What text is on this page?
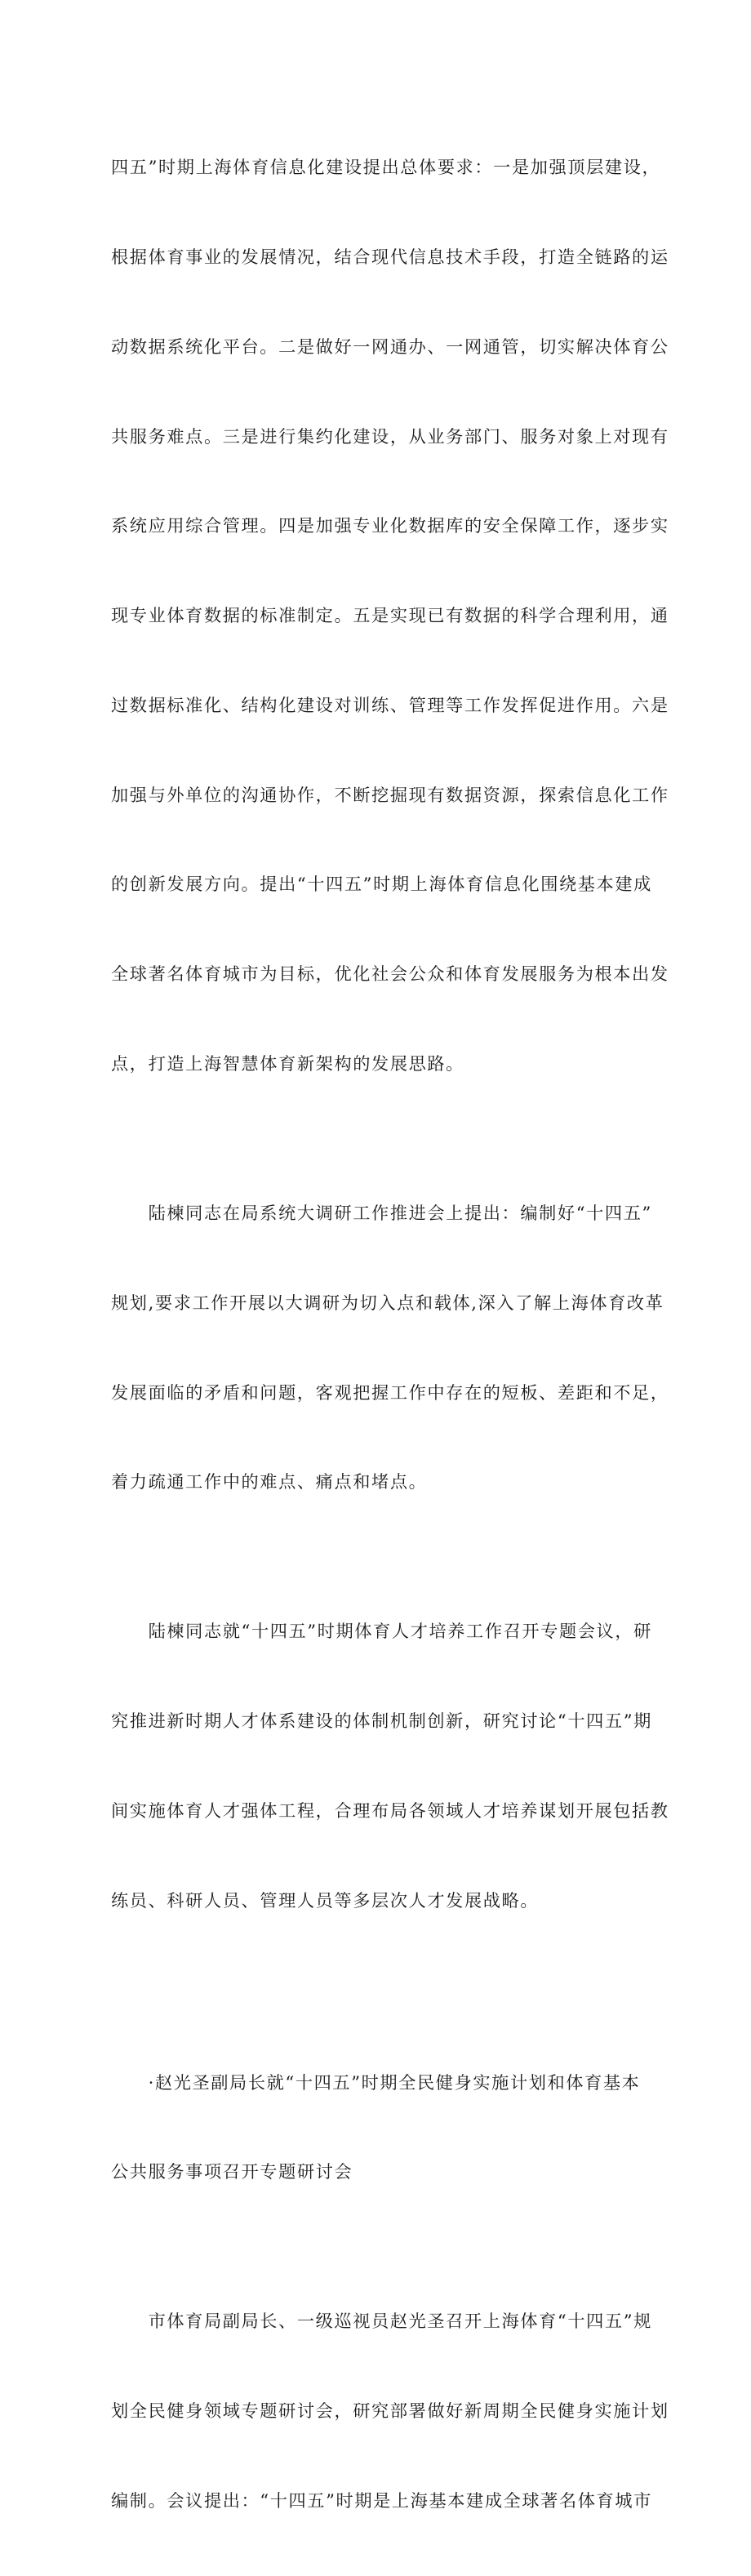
四五”时期上海体育信息化建设提出总体要求：一是加强顶层建设，

根据体育事业的发展情况，结合现代信息技术手段，打造全链路的运

动数据系统化平台。二是做好一网通办、一网通管，切实解决体育公

共服务难点。三是进行集约化建设，从业务部门、服务对象上对现有

系统应用综合管理。四是加强专业化数据库的安全保障工作，逐步实

现专业体育数据的标准制定。五是实现已有数据的科学合理利用，通

过数据标准化、结构化建设对训练、管理等工作发挥促进作用。六是

加强与外单位的沟通协作，不断挖掘现有数据资源，探索信息化工作

的创新发展方向。提出“十四五”时期上海体育信息化围绕基本建成

全球著名体育城市为目标，优化社会公众和体育发展服务为根本出发

点，打造上海智慧体育新架构的发展思路。

　　陆楝同志在局系统大调研工作推进会上提出：编制好“十四五”

规划,要求工作开展以大调研为切入点和载体,深入了解上海体育改革

发展面临的矛盾和问题，客观把握工作中存在的短板、差距和不足，

着力疏通工作中的难点、痛点和堵点。

　　陆楝同志就“十四五”时期体育人才培养工作召开专题会议，研

究推进新时期人才体系建设的体制机制创新，研究讨论“十四五”期

间实施体育人才强体工程，合理布局各领域人才培养谋划开展包括教

练员、科研人员、管理人员等多层次人才发展战略。

　　·赵光圣副局长就“十四五”时期全民健身实施计划和体育基本

公共服务事项召开专题研讨会

　　市体育局副局长、一级巡视员赵光圣召开上海体育“十四五”规

划全民健身领域专题研讨会，研究部署做好新周期全民健身实施计划

编制。会议提出：“十四五”时期是上海基本建成全球著名体育城市
